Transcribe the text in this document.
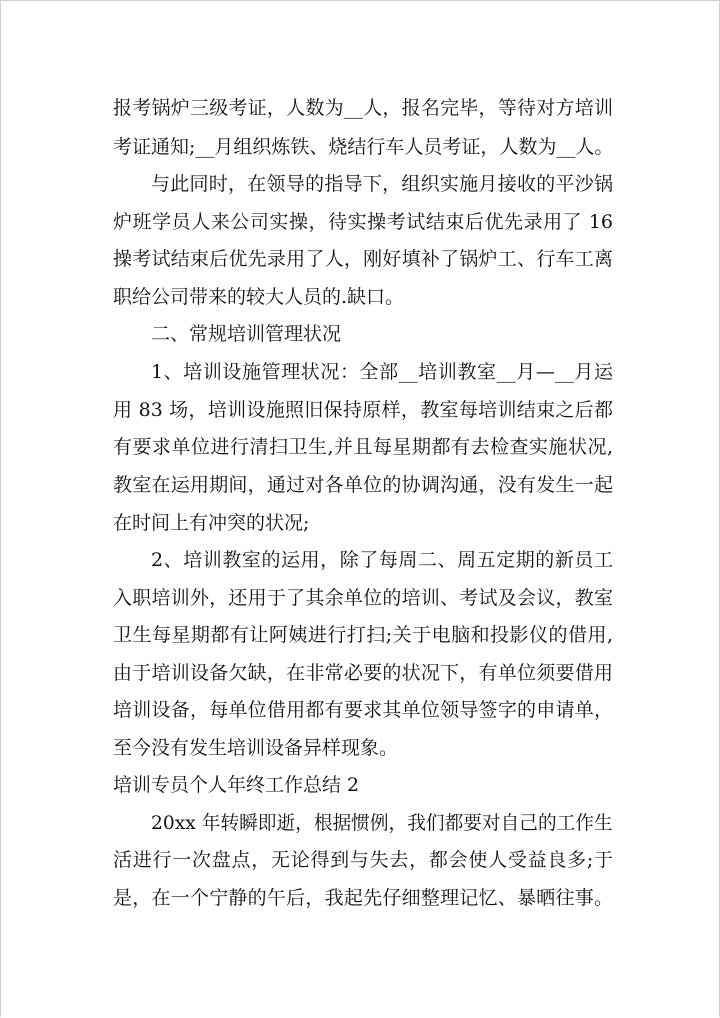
报考锅炉三级考证，人数为__人，报名完毕，等待对方培训
考证通知;__月组织炼铁、烧结行车人员考证，人数为__人。
与此同时，在领导的指导下，组织实施月接收的平沙锅
炉班学员人来公司实操，待实操考试结束后优先录用了 16
操考试结束后优先录用了人，刚好填补了锅炉工、行车工离
职给公司带来的较大人员的.缺口。
二、常规培训管理状况
1、培训设施管理状况：全部__培训教室__月—__月运
用 83 场，培训设施照旧保持原样，教室每培训结束之后都
有要求单位进行清扫卫生,并且每星期都有去检查实施状况,
教室在运用期间，通过对各单位的协调沟通，没有发生一起
在时间上有冲突的状况;
2、培训教室的运用，除了每周二、周五定期的新员工
入职培训外，还用于了其余单位的培训、考试及会议，教室
卫生每星期都有让阿姨进行打扫;关于电脑和投影仪的借用,
由于培训设备欠缺，在非常必要的状况下，有单位须要借用
培训设备，每单位借用都有要求其单位领导签字的申请单，
至今没有发生培训设备异样现象。
培训专员个人年终工作总结 2
20xx 年转瞬即逝，根据惯例，我们都要对自己的工作生
活进行一次盘点，无论得到与失去，都会使人受益良多;于
是，在一个宁静的午后，我起先仔细整理记忆、暴晒往事。
